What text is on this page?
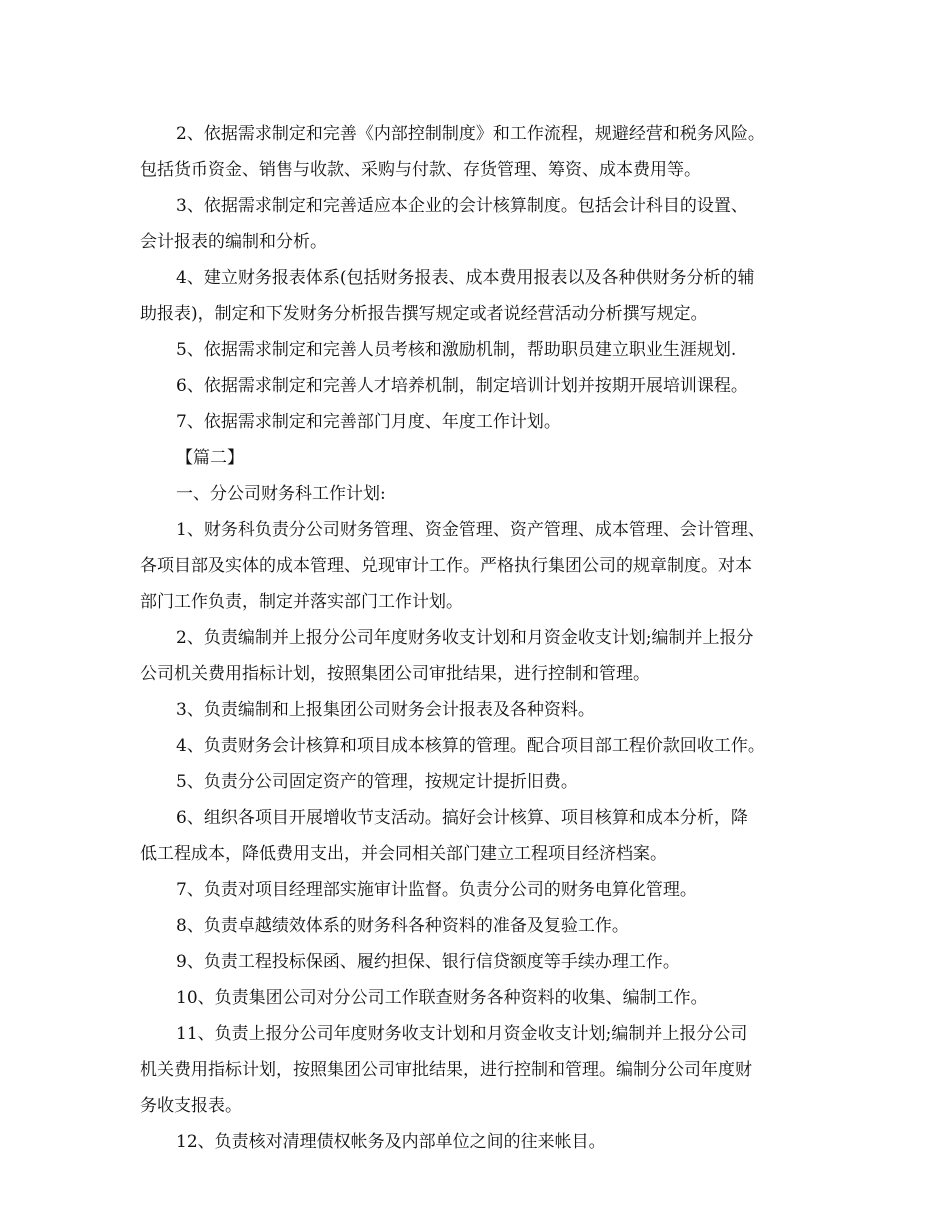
2、依据需求制定和完善《内部控制制度》和工作流程，规避经营和税务风险。
包括货币资金、销售与收款、采购与付款、存货管理、筹资、成本费用等。

3、依据需求制定和完善适应本企业的会计核算制度。包括会计科目的设置、
会计报表的编制和分析。

4、建立财务报表体系(包括财务报表、成本费用报表以及各种供财务分析的辅
助报表)，制定和下发财务分析报告撰写规定或者说经营活动分析撰写规定。

5、依据需求制定和完善人员考核和激励机制，帮助职员建立职业生涯规划.

6、依据需求制定和完善人才培养机制，制定培训计划并按期开展培训课程。

7、依据需求制定和完善部门月度、年度工作计划。

【篇二】

一、分公司财务科工作计划:

1、财务科负责分公司财务管理、资金管理、资产管理、成本管理、会计管理、
各项目部及实体的成本管理、兑现审计工作。严格执行集团公司的规章制度。对本
部门工作负责，制定并落实部门工作计划。

2、负责编制并上报分公司年度财务收支计划和月资金收支计划;编制并上报分
公司机关费用指标计划，按照集团公司审批结果，进行控制和管理。

3、负责编制和上报集团公司财务会计报表及各种资料。

4、负责财务会计核算和项目成本核算的管理。配合项目部工程价款回收工作。

5、负责分公司固定资产的管理，按规定计提折旧费。

6、组织各项目开展增收节支活动。搞好会计核算、项目核算和成本分析，降
低工程成本，降低费用支出，并会同相关部门建立工程项目经济档案。

7、负责对项目经理部实施审计监督。负责分公司的财务电算化管理。

8、负责卓越绩效体系的财务科各种资料的准备及复验工作。

9、负责工程投标保函、履约担保、银行信贷额度等手续办理工作。

10、负责集团公司对分公司工作联查财务各种资料的收集、编制工作。

11、负责上报分公司年度财务收支计划和月资金收支计划;编制并上报分公司
机关费用指标计划，按照集团公司审批结果，进行控制和管理。编制分公司年度财
务收支报表。

12、负责核对清理债权帐务及内部单位之间的往来帐目。
